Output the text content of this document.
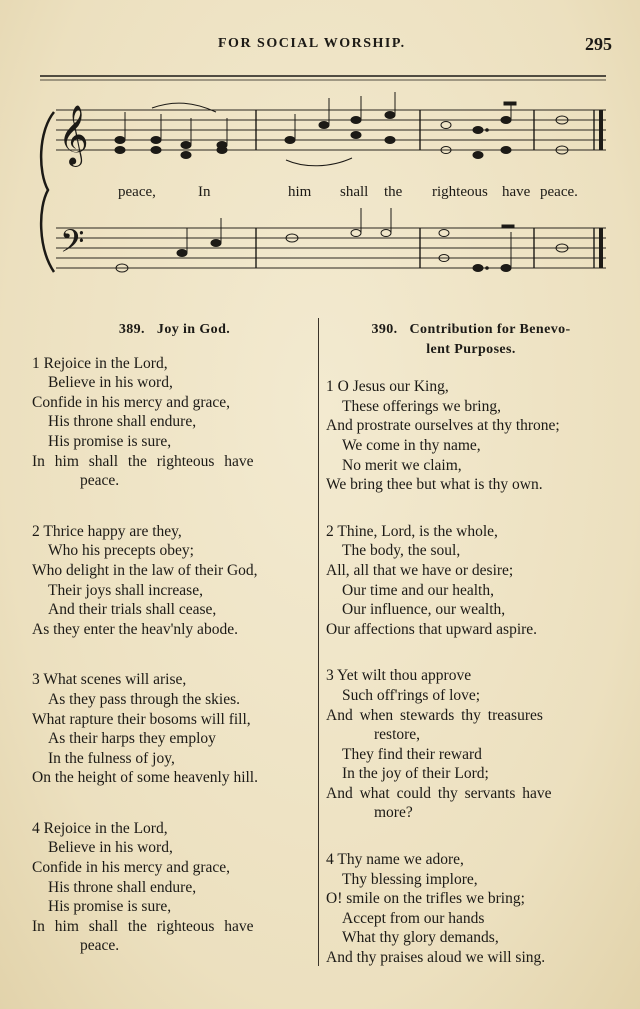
FOR SOCIAL WORSHIP.	295
𝄞
𝄢
peace,	In	him shall the righteous have peace.
389. Joy in God.
1 Rejoice in the Lord,
Believe in his word,
Confide in his mercy and grace,
His throne shall endure,
His promise is sure,
In him shall the righteous have
peace.
2 Thrice happy are they,
Who his precepts obey;
Who delight in the law of their God,
Their joys shall increase,
And their trials shall cease,
As they enter the heav'nly abode.
3 What scenes will arise,
As they pass through the skies.
What rapture their bosoms will fill,
As their harps they employ
In the fulness of joy,
On the height of some heavenly hill.
4 Rejoice in the Lord,
Believe in his word,
Confide in his mercy and grace,
His throne shall endure,
His promise is sure,
In him shall the righteous have
peace.
390. Contribution for Benevo-
lent Purposes.
1 O Jesus our King,
These offerings we bring,
And prostrate ourselves at thy throne;
We come in thy name,
No merit we claim,
We bring thee but what is thy own.
2 Thine, Lord, is the whole,
The body, the soul,
All, all that we have or desire;
Our time and our health,
Our influence, our wealth,
Our affections that upward aspire.
3 Yet wilt thou approve
Such off'rings of love;
And when stewards thy treasures
restore,
They find their reward
In the joy of their Lord;
And what could thy servants have
more?
4 Thy name we adore,
Thy blessing implore,
O! smile on the trifles we bring;
Accept from our hands
What thy glory demands,
And thy praises aloud we will sing.
